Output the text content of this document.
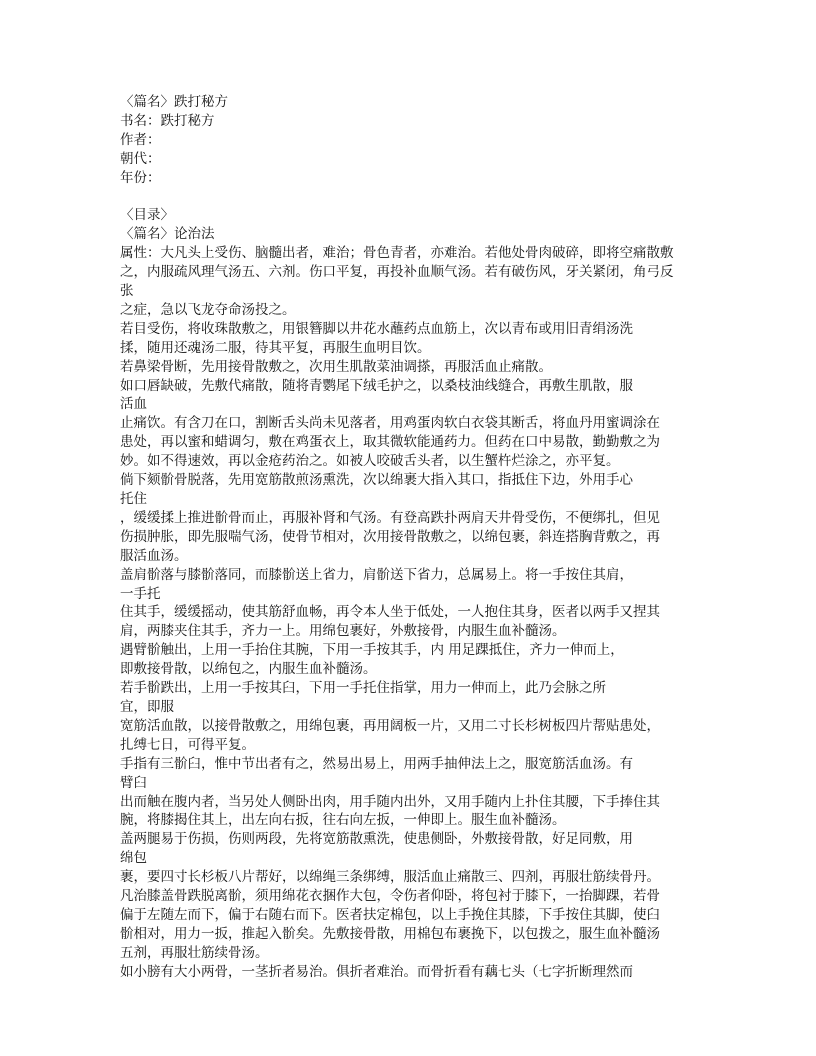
〈篇名〉跌打秘方
书名：跌打秘方
作者：
朝代：
年份：
〈目录〉
〈篇名〉论治法
属性：大凡头上受伤、脑髓出者，难治；骨色青者，亦难治。若他处骨肉破碎，即将空痛散敷
之，内服疏风理气汤五、六剂。伤口平复，再投补血顺气汤。若有破伤风，牙关紧闭，角弓反
张
之症，急以飞龙夺命汤投之。
若目受伤，将收珠散敷之，用银簪脚以井花水蘸药点血筋上，次以青布或用旧青绢汤洗
揉，随用还魂汤二服，待其平复，再服生血明目饮。
若鼻梁骨断，先用接骨散敷之，次用生肌散菜油调搽，再服活血止痛散。
如口唇缺破，先敷代痛散，随将青鹦尾下绒毛护之，以桑枝油线缝合，再敷生肌散，服
活血
止痛饮。有含刀在口，割断舌头尚未见落者，用鸡蛋肉软白衣袋其断舌，将血丹用蜜调涂在
患处，再以蜜和蜡调匀，敷在鸡蛋衣上，取其微软能通药力。但药在口中易散，勤勤敷之为
妙。如不得速效，再以金疮药治之。如被人咬破舌头者，以生蟹杵烂涂之，亦平复。
倘下颏骱骨脱落，先用宽筋散煎汤熏洗，次以绵裹大指入其口，指抵住下边，外用手心
托住
，缓缓揉上推进骱骨而止，再服补肾和气汤。有登高跌扑两肩天井骨受伤，不便绑扎，但见
伤损肿胀，即先服喘气汤，使骨节相对，次用接骨散敷之，以绵包裹，斜连搭胸背敷之，再
服活血汤。
盖肩骱落与膝骱落同，而膝骱送上省力，肩骱送下省力，总属易上。将一手按住其肩，
一手托
住其手，缓缓摇动，使其筋舒血畅，再令本人坐于低处，一人抱住其身，医者以两手又捏其
肩，两膝夹住其手，齐力一上。用绵包裹好，外敷接骨，内服生血补髓汤。
遇臂骱触出，上用一手抬住其腕，下用一手按其手，内 用足踝抵住，齐力一伸而上，
即敷接骨散，以绵包之，内服生血补髓汤。
若手骱跌出，上用一手按其臼，下用一手托住指掌，用力一伸而上，此乃会脉之所
宜，即服
宽筋活血散，以接骨散敷之，用绵包裹，再用阔板一片，又用二寸长杉树板四片帮贴患处，
扎缚七日，可得平复。
手指有三骱臼，惟中节出者有之，然易出易上，用两手抽伸法上之，服宽筋活血汤。有
臂臼
出而触在腹内者，当另处人侧卧出肉，用手随内出外，又用手随内上扑住其腰，下手捧住其
腕，将膝揭住其上，出左向右扳，往右向左扳，一伸即上。服生血补髓汤。
盖两腿易于伤损，伤则两段，先将宽筋散熏洗，使患侧卧，外敷接骨散，好足同敷，用
绵包
裹，要四寸长杉板八片帮好，以绵绳三条绑缚，服活血止痛散三、四剂，再服壮筋续骨丹。
凡治膝盖骨跌脱离骱，须用绵花衣捆作大包，令伤者仰卧，将包衬于膝下，一抬脚踝，若骨
偏于左随左而下，偏于右随右而下。医者扶定棉包，以上手挽住其膝，下手按住其脚，使臼
骱相对，用力一扳，推起入骱矣。先敷接骨散，用棉包布裹挽下，以包拨之，服生血补髓汤
五剂，再服壮筋续骨汤。
如小膀有大小两骨，一茎折者易治。俱折者难治。而骨折看有藕七头（七字折断理然而
